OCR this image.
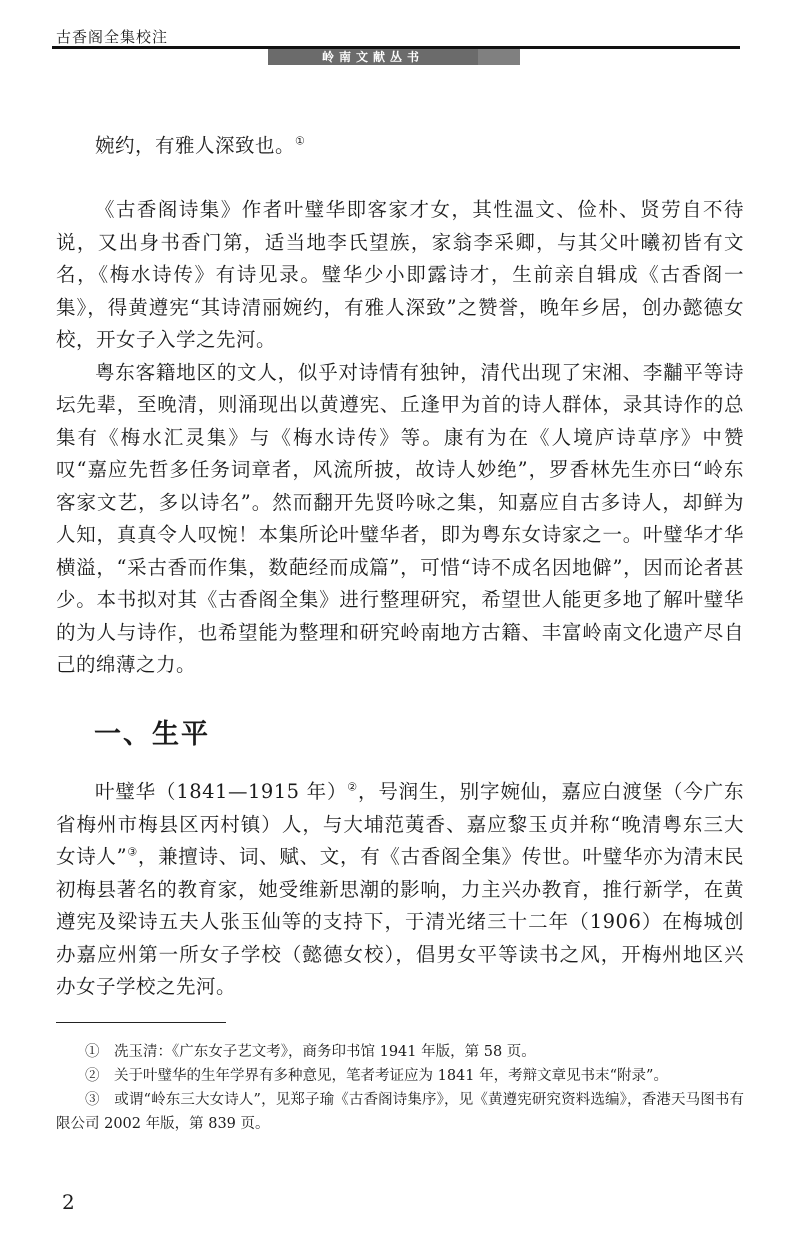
古香阁全集校注
岭南文献丛书

婉约，有雅人深致也。①

《古香阁诗集》作者叶璧华即客家才女，其性温文、俭朴、贤劳自不待说，又出身书香门第，适当地李氏望族，家翁李采卿，与其父叶曦初皆有文名，《梅水诗传》有诗见录。璧华少小即露诗才，生前亲自辑成《古香阁一集》，得黄遵宪“其诗清丽婉约，有雅人深致”之赞誉，晚年乡居，创办懿德女校，开女子入学之先河。

粤东客籍地区的文人，似乎对诗情有独钟，清代出现了宋湘、李黼平等诗坛先辈，至晚清，则涌现出以黄遵宪、丘逢甲为首的诗人群体，录其诗作的总集有《梅水汇灵集》与《梅水诗传》等。康有为在《人境庐诗草序》中赞叹“嘉应先哲多任务词章者，风流所披，故诗人妙绝”，罗香林先生亦曰“岭东客家文艺，多以诗名”。然而翻开先贤吟咏之集，知嘉应自古多诗人，却鲜为人知，真真令人叹惋！本集所论叶璧华者，即为粤东女诗家之一。叶璧华才华横溢，“采古香而作集，数葩经而成篇”，可惜“诗不成名因地僻”，因而论者甚少。本书拟对其《古香阁全集》进行整理研究，希望世人能更多地了解叶璧华的为人与诗作，也希望能为整理和研究岭南地方古籍、丰富岭南文化遗产尽自己的绵薄之力。

一、生平

叶璧华（1841—1915 年）②，号润生，别字婉仙，嘉应白渡堡（今广东省梅州市梅县区丙村镇）人，与大埔范荑香、嘉应黎玉贞并称“晚清粤东三大女诗人”③，兼擅诗、词、赋、文，有《古香阁全集》传世。叶璧华亦为清末民初梅县著名的教育家，她受维新思潮的影响，力主兴办教育，推行新学，在黄遵宪及梁诗五夫人张玉仙等的支持下，于清光绪三十二年（1906）在梅城创办嘉应州第一所女子学校（懿德女校），倡男女平等读书之风，开梅州地区兴办女子学校之先河。

①　冼玉清：《广东女子艺文考》，商务印书馆 1941 年版，第 58 页。

②　关于叶璧华的生年学界有多种意见，笔者考证应为 1841 年，考辩文章见书末“附录”。

③　或谓“岭东三大女诗人”，见郑子瑜《古香阁诗集序》，见《黄遵宪研究资料选编》，香港天马图书有限公司 2002 年版，第 839 页。

2
